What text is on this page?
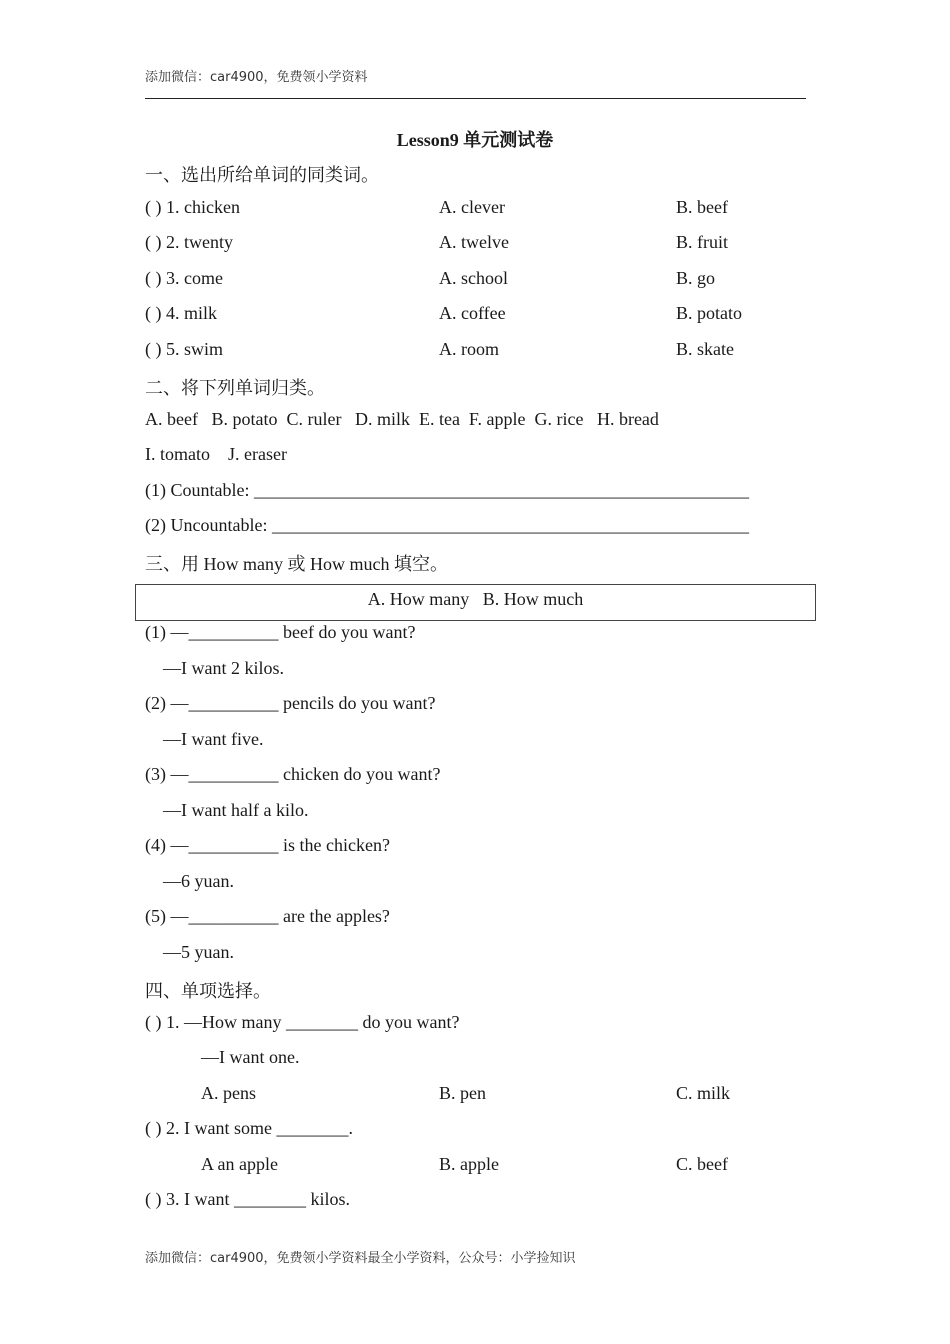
添加微信：car4900，免费领小学资料
Lesson9 单元测试卷
一、选出所给单词的同类词。
( ) 1. chicken	A. clever	B. beef
( ) 2. twenty	A. twelve	B. fruit
( ) 3. come	A. school	B. go
( ) 4. milk	A. coffee	B. potato
( ) 5. swim	A. room	B. skate
二、将下列单词归类。
A. beef   B. potato  C. ruler   D. milk  E. tea  F. apple  G. rice   H. bread
I. tomato    J. eraser
(1) Countable: _______________________________________________________
(2) Uncountable: _____________________________________________________
三、用 How many 或 How much 填空。
A. How many   B. How much
(1) —__________ beef do you want?
—I want 2 kilos.
(2) —__________ pencils do you want?
—I want five.
(3) —__________ chicken do you want?
—I want half a kilo.
(4) —__________ is the chicken?
—6 yuan.
(5) —__________ are the apples?
—5 yuan.
四、单项选择。
( ) 1. —How many ________ do you want?
—I want one.
A. pens	B. pen	C. milk
( ) 2. I want some ________.
A an apple	B. apple	C. beef
( ) 3. I want ________ kilos.
添加微信：car4900，免费领小学资料最全小学资料，公众号：小学捡知识
